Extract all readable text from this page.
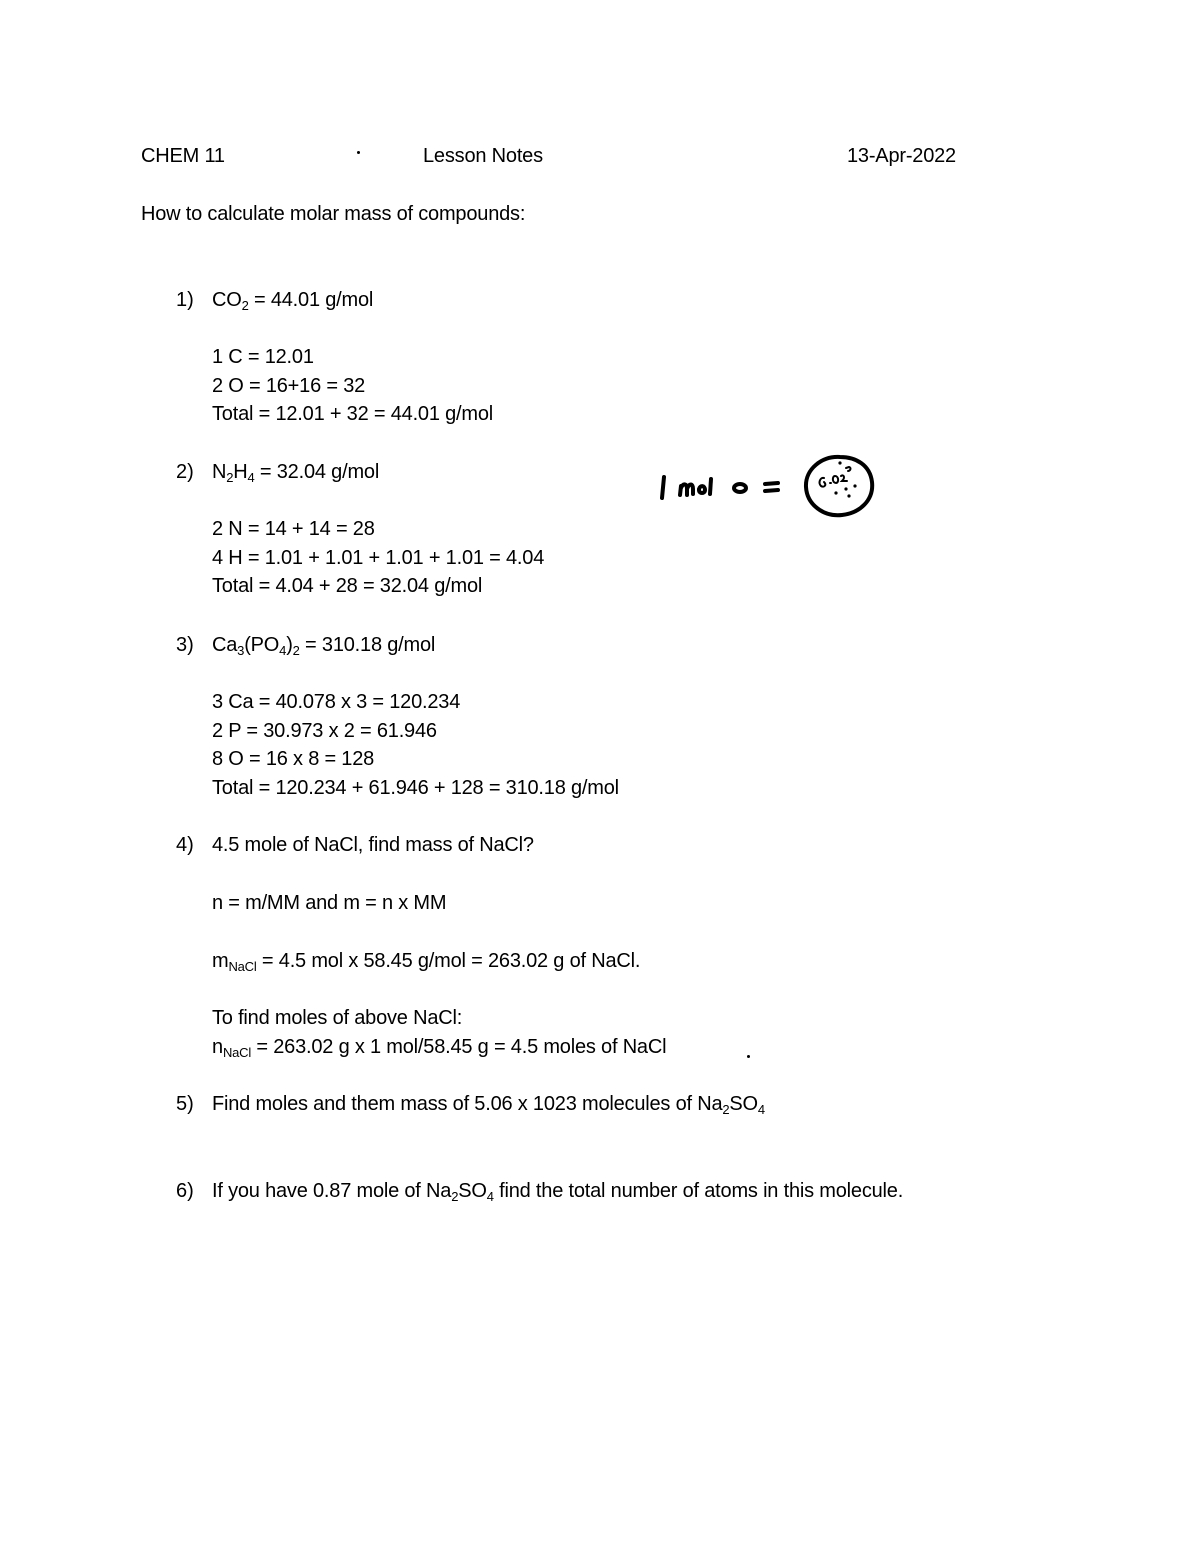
CHEM 11	Lesson Notes	13-Apr-2022
How to calculate molar mass of compounds:
1) $CO_2 = 44.01$ g/mol
1 C = 12.01
2 O = 16+16 = 32
Total = 12.01 + 32 = 44.01 g/mol
2) $N_2H_4 = 32.04$ g/mol
2 N = 14 + 14 = 28
4 H = 1.01 + 1.01 + 1.01 + 1.01 = 4.04
Total = 4.04 + 28 = 32.04 g/mol
3) $Ca_3(PO_4)_2 = 310.18$ g/mol
3 Ca = 40.078 x 3 = 120.234
2 P = 30.973 x 2 = 61.946
8 O = 16 x 8 = 128
Total = 120.234 + 61.946 + 128 = 310.18 g/mol
4) 4.5 mole of NaCl, find mass of NaCl?
n = m/MM and m = n x MM
$m_{NaCl} = 4.5$ mol x 58.45 g/mol = 263.02 g of NaCl.
To find moles of above NaCl:
$n_{NaCl} = 263.02$ g x 1 mol/58.45 g = 4.5 moles of NaCl
5) Find moles and them mass of 5.06 x 1023 molecules of $Na_2SO_4$
6) If you have 0.87 mole of $Na_2SO_4$ find the total number of atoms in this molecule.
